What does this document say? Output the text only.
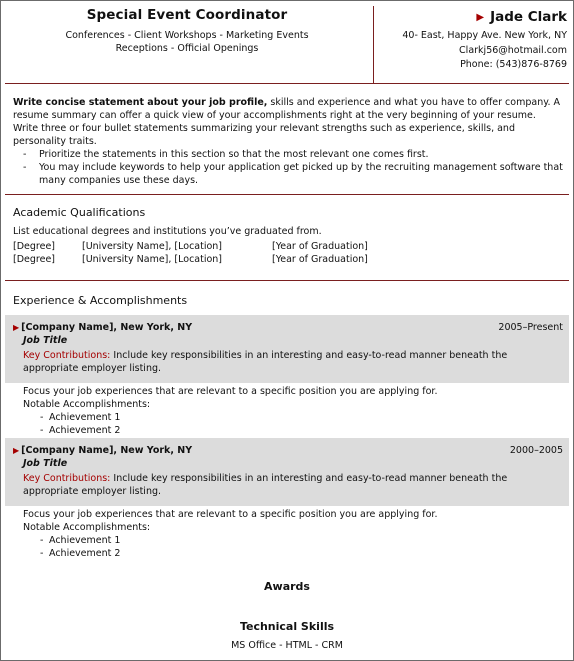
Special Event Coordinator
Conferences - Client Workshops - Marketing Events
Receptions - Official Openings
▶ Jade Clark
40- East, Happy Ave. New York, NY
Clarkj56@hotmail.com
Phone: (543)876-8769
Write concise statement about your job profile, skills and experience and what you have to offer company. A resume summary can offer a quick view of your accomplishments right at the very beginning of your resume.
Write three or four bullet statements summarizing your relevant strengths such as experience, skills, and personality traits.
- Prioritize the statements in this section so that the most relevant one comes first.
- You may include keywords to help your application get picked up by the recruiting management software that many companies use these days.
Academic Qualifications
List educational degrees and institutions you’ve graduated from.
[Degree]	[University Name], [Location]	[Year of Graduation]
[Degree]	[University Name], [Location]	[Year of Graduation]
Experience & Accomplishments
▶ [Company Name], New York, NY	2005–Present
Job Title
Key Contributions: Include key responsibilities in an interesting and easy-to-read manner beneath the appropriate employer listing.
Focus your job experiences that are relevant to a specific position you are applying for.
Notable Accomplishments:
- Achievement 1
- Achievement 2
▶ [Company Name], New York, NY	2000–2005
Job Title
Key Contributions: Include key responsibilities in an interesting and easy-to-read manner beneath the appropriate employer listing.
Focus your job experiences that are relevant to a specific position you are applying for.
Notable Accomplishments:
- Achievement 1
- Achievement 2
Awards
Technical Skills
MS Office - HTML - CRM
